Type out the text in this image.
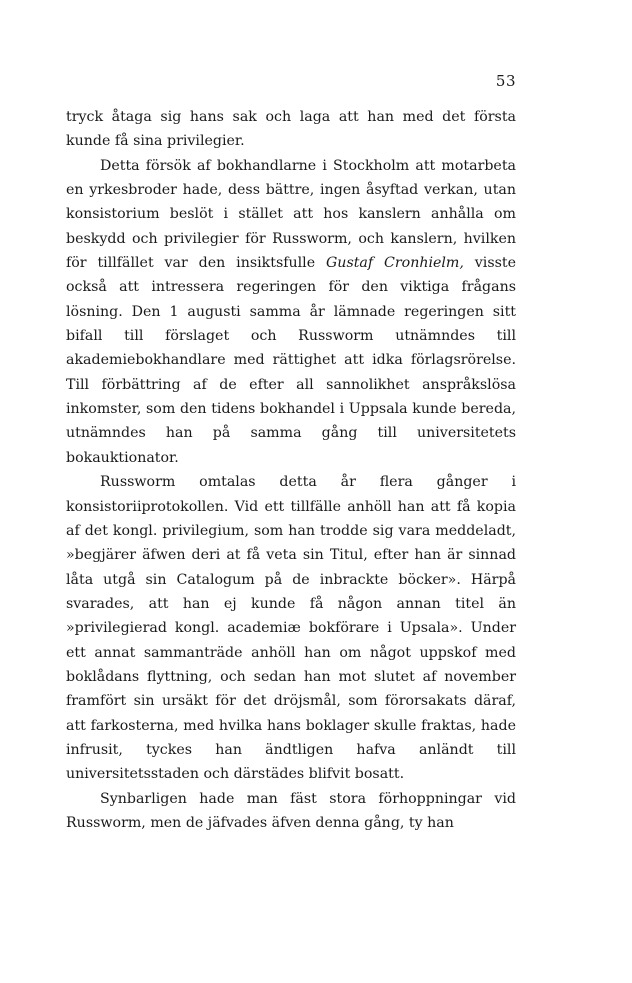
53

tryck åtaga sig hans sak och laga att han med det första kunde få sina privilegier.

Detta försök af bokhandlarne i Stockholm att motarbeta en yrkesbroder hade, dess bättre, ingen åsyftad verkan, utan konsistorium beslöt i stället att hos kanslern anhålla om beskydd och privilegier för Russworm, och kanslern, hvilken för tillfället var den insiktsfulle Gustaf Cronhielm, visste också att intressera regeringen för den viktiga frågans lösning. Den 1 augusti samma år lämnade regeringen sitt bifall till förslaget och Russworm utnämndes till akademiebokhandlare med rättighet att idka förlagsrörelse. Till förbättring af de efter all sannolikhet anspråkslösa inkomster, som den tidens bokhandel i Uppsala kunde bereda, utnämndes han på samma gång till universitetets bokauktionator.

Russworm omtalas detta år flera gånger i konsistoriiprotokollen. Vid ett tillfälle anhöll han att få kopia af det kongl. privilegium, som han trodde sig vara meddeladt, »begjärer äfwen deri at få veta sin Titul, efter han är sinnad låta utgå sin Catalogum på de inbrackte böcker». Härpå svarades, att han ej kunde få någon annan titel än »privilegierad kongl. academiæ bokförare i Upsala». Under ett annat sammanträde anhöll han om något uppskof med boklådans flyttning, och sedan han mot slutet af november framfört sin ursäkt för det dröjsmål, som förorsakats däraf, att farkosterna, med hvilka hans boklager skulle fraktas, hade infrusit, tyckes han ändtligen hafva anländt till universitetsstaden och därstädes blifvit bosatt.

Synbarligen hade man fäst stora förhoppningar vid Russworm, men de jäfvades äfven denna gång, ty han
